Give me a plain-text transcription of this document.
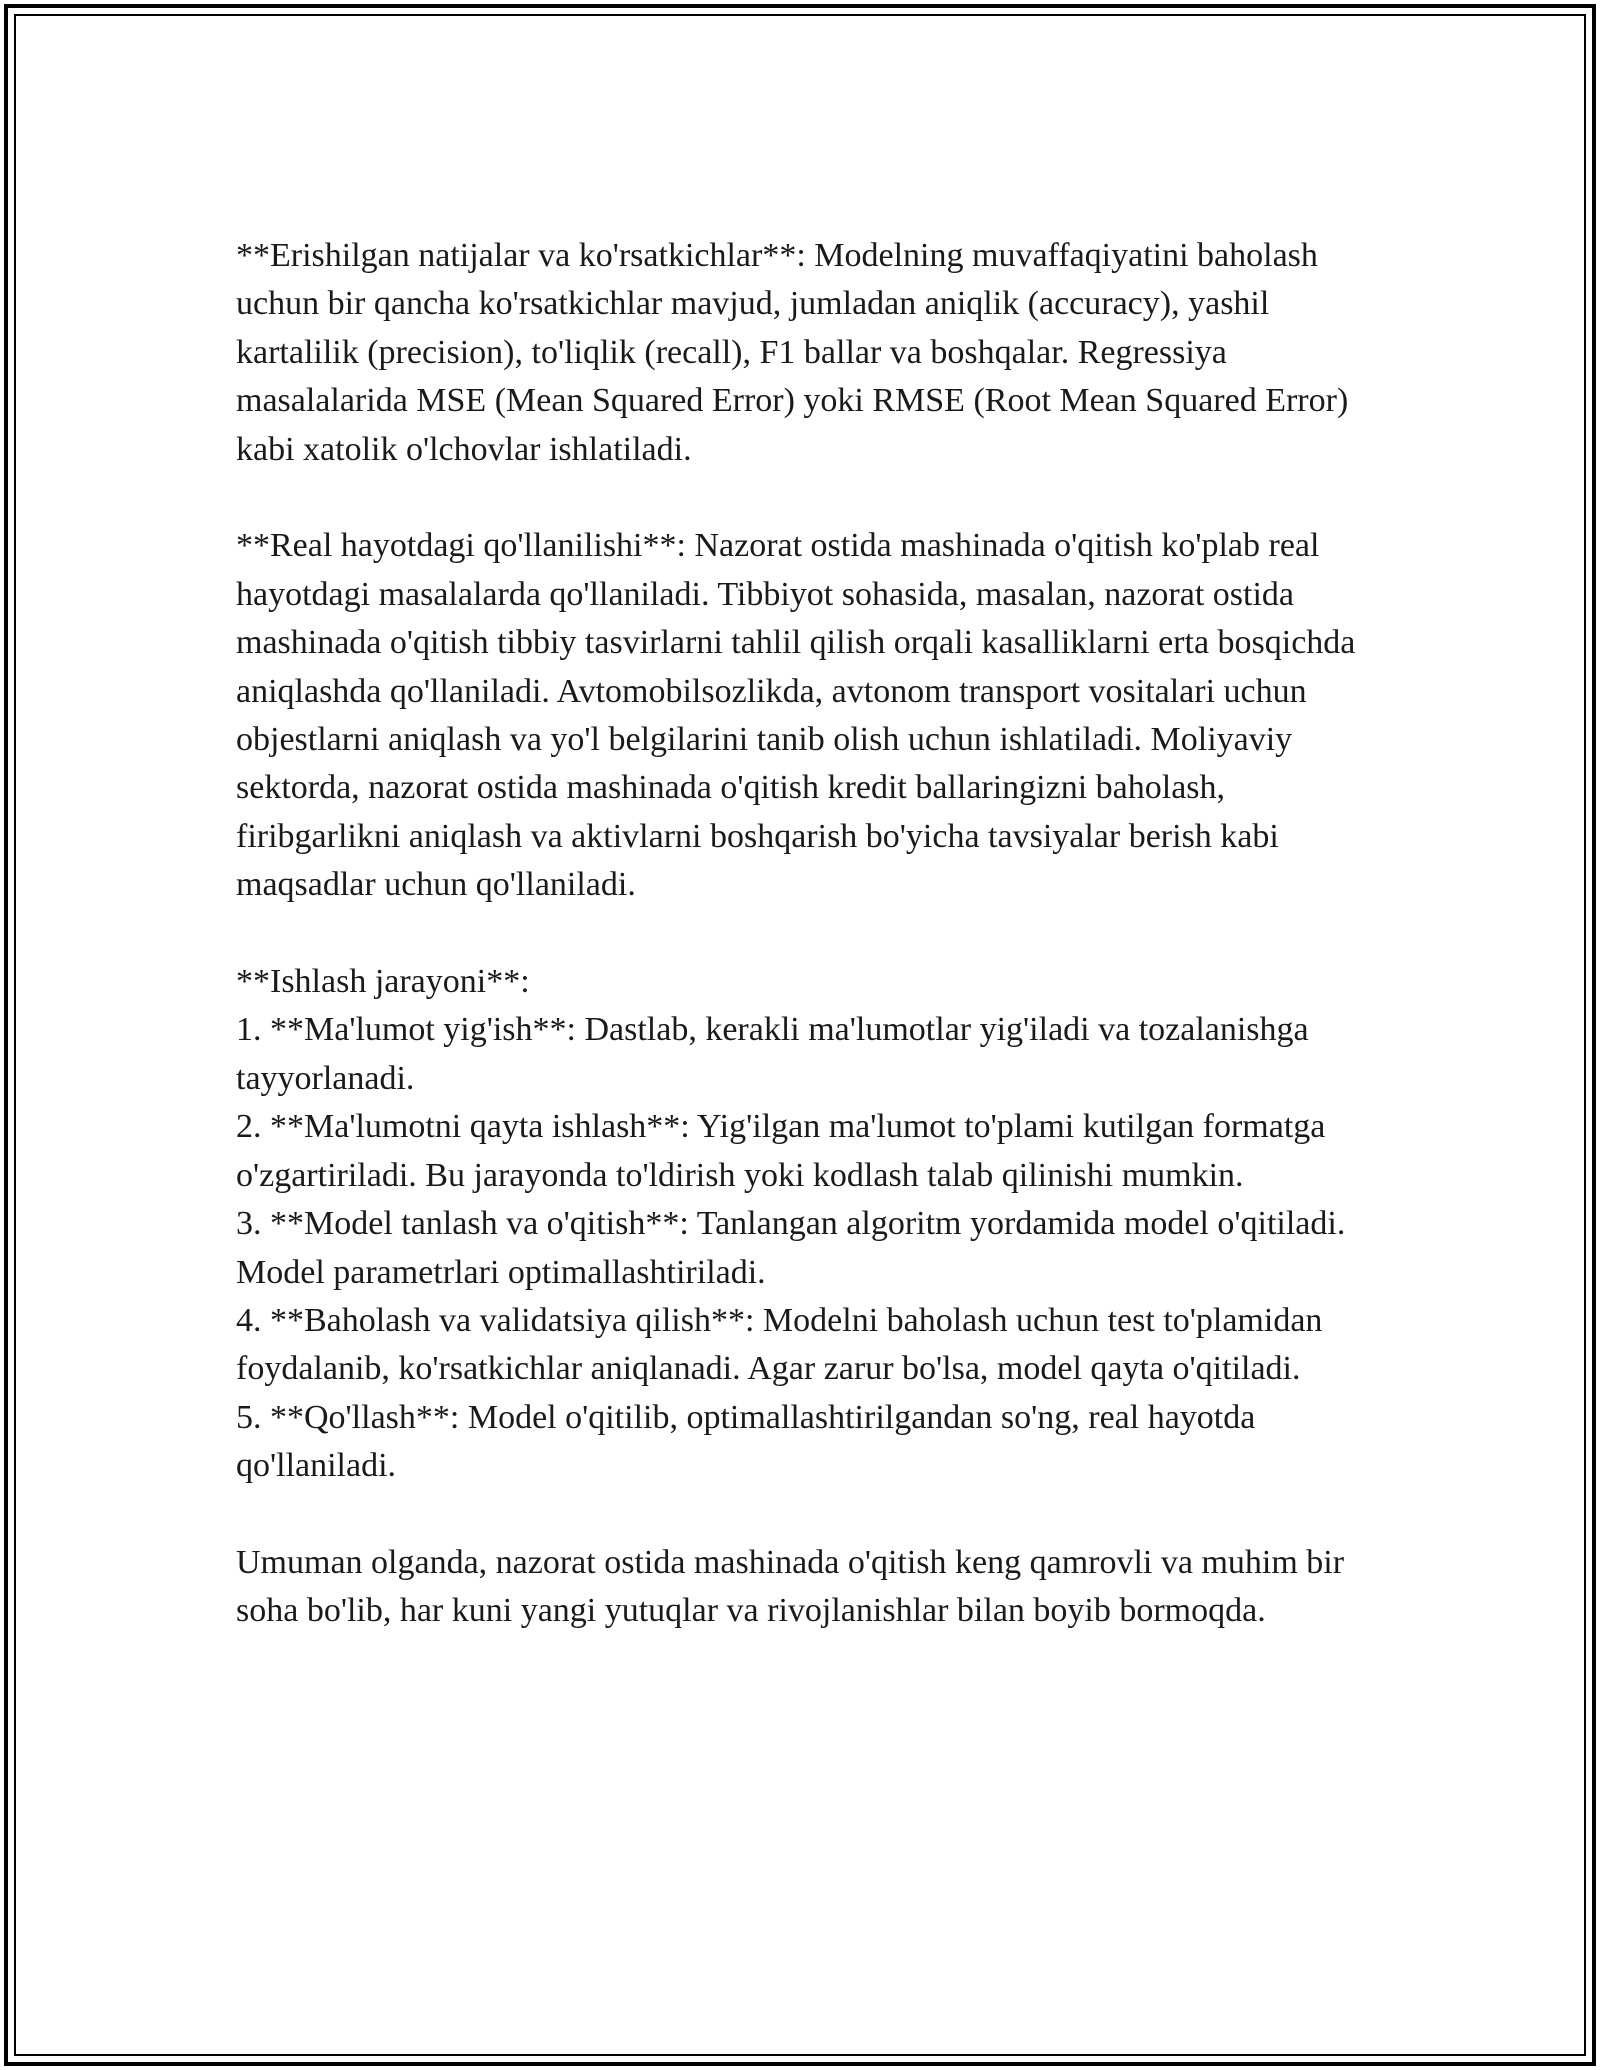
**Erishilgan natijalar va ko'rsatkichlar**: Modelning muvaffaqiyatini baholash uchun bir qancha ko'rsatkichlar mavjud, jumladan aniqlik (accuracy), yashil kartalilik (precision), to'liqlik (recall), F1 ballar va boshqalar. Regressiya masalalarida MSE (Mean Squared Error) yoki RMSE (Root Mean Squared Error) kabi xatolik o'lchovlar ishlatiladi.

**Real hayotdagi qo'llanilishi**: Nazorat ostida mashinada o'qitish ko'plab real hayotdagi masalalarda qo'llaniladi. Tibbiyot sohasida, masalan, nazorat ostida mashinada o'qitish tibbiy tasvirlarni tahlil qilish orqali kasalliklarni erta bosqichda aniqlashda qo'llaniladi. Avtomobilsozlikda, avtonom transport vositalari uchun objestlarni aniqlash va yo'l belgilarini tanib olish uchun ishlatiladi. Moliyaviy sektorda, nazorat ostida mashinada o'qitish kredit ballaringizni baholash, firibgarlikni aniqlash va aktivlarni boshqarish bo'yicha tavsiyalar berish kabi maqsadlar uchun qo'llaniladi.

**Ishlash jarayoni**:

1. **Ma'lumot yig'ish**: Dastlab, kerakli ma'lumotlar yig'iladi va tozalanishga tayyorlanadi.

2. **Ma'lumotni qayta ishlash**: Yig'ilgan ma'lumot to'plami kutilgan formatga o'zgartiriladi. Bu jarayonda to'ldirish yoki kodlash talab qilinishi mumkin.

3. **Model tanlash va o'qitish**: Tanlangan algoritm yordamida model o'qitiladi. Model parametrlari optimallashtiriladi.

4. **Baholash va validatsiya qilish**: Modelni baholash uchun test to'plamidan foydalanib, ko'rsatkichlar aniqlanadi. Agar zarur bo'lsa, model qayta o'qitiladi.

5. **Qo'llash**: Model o'qitilib, optimallashtirilgandan so'ng, real hayotda qo'llaniladi.

Umuman olganda, nazorat ostida mashinada o'qitish keng qamrovli va muhim bir soha bo'lib, har kuni yangi yutuqlar va rivojlanishlar bilan boyib bormoqda.
